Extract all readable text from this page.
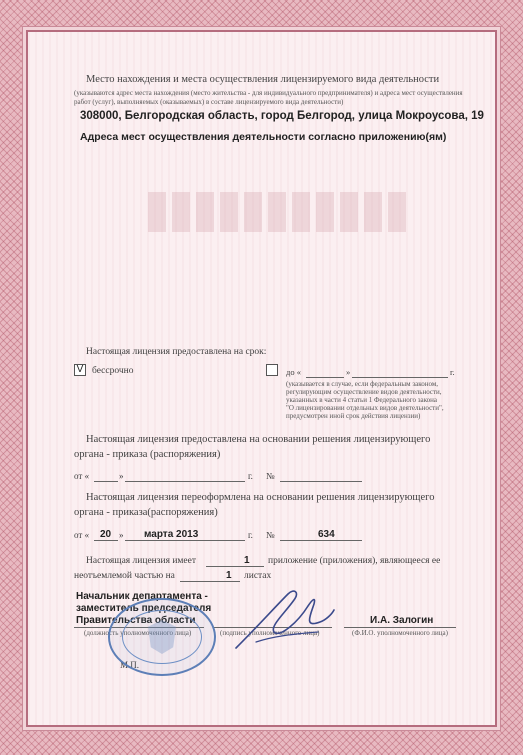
Место нахождения и места осуществления лицензируемого вида деятельности
(указываются адрес места нахождения (место жительства - для индивидуального предпринимателя) и адреса мест осуществления
работ (услуг), выполняемых (оказываемых) в составе лицензируемого вида деятельности)
308000, Белгородская область, город Белгород, улица Мокроусова, 19
Адреса мест осуществления деятельности согласно приложению(ям)
Настоящая лицензия предоставлена на срок:
V бессрочно	до «	»	г.
(указывается в случае, если федеральным законом,
регулирующим осуществление видов деятельности,
указанных в части 4 статьи 1 Федерального закона
"О лицензировании отдельных видов деятельности",
предусмотрен иной срок действия лицензии)
Настоящая лицензия предоставлена на основании решения лицензирующего
органа - приказа (распоряжения)
от «	»	г. №
Настоящая лицензия переоформлена на основании решения лицензирующего
органа - приказа(распоряжения)
от « 20 » марта 2013	г. №	634
Настоящая лицензия имеет	1 приложение (приложения), являющееся ее
неотъемлемой частью на	1 листах
Начальник департамента -
заместитель председателя
Правительства области
(должность уполномоченного лица)	(подпись уполномоченного лица)
И.А. Залогин
(Ф.И.О. уполномоченного лица)
М.П.
